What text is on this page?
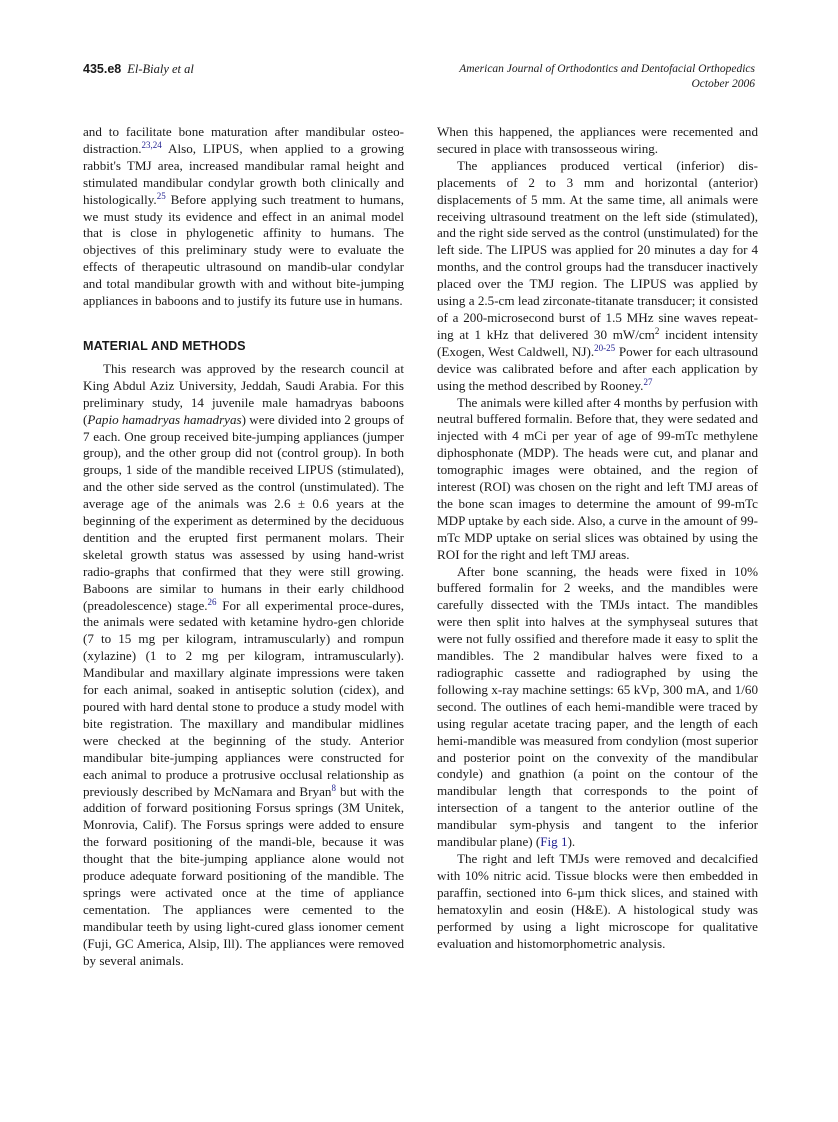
435.e8 El-Bialy et al	American Journal of Orthodontics and Dentofacial Orthopedics
October 2006

and to facilitate bone maturation after mandibular osteo-distraction.$^{23,24}$ Also, LIPUS, when applied to a growing rabbit's TMJ area, increased mandibular ramal height and stimulated mandibular condylar growth both clinically and histologically.$^{25}$ Before applying such treatment to humans, we must study its evidence and effect in an animal model that is close in phylogenetic affinity to humans. The objectives of this preliminary study were to evaluate the effects of therapeutic ultrasound on mandib-ular condylar and total mandibular growth with and without bite-jumping appliances in baboons and to justify its future use in humans.

MATERIAL AND METHODS

This research was approved by the research council at King Abdul Aziz University, Jeddah, Saudi Arabia. For this preliminary study, 14 juvenile male hamadryas baboons (Papio hamadryas hamadryas) were divided into 2 groups of 7 each. One group received bite-jumping appliances (jumper group), and the other group did not (control group). In both groups, 1 side of the mandible received LIPUS (stimulated), and the other side served as the control (unstimulated). The average age of the animals was 2.6 ± 0.6 years at the beginning of the experiment as determined by the deciduous dentition and the erupted first permanent molars. Their skeletal growth status was assessed by using hand-wrist radio-graphs that confirmed that they were still growing. Baboons are similar to humans in their early childhood (preadolescence) stage.$^{26}$ For all experimental proce-dures, the animals were sedated with ketamine hydro-gen chloride (7 to 15 mg per kilogram, intramuscularly) and rompun (xylazine) (1 to 2 mg per kilogram, intramuscularly). Mandibular and maxillary alginate impressions were taken for each animal, soaked in antiseptic solution (cidex), and poured with hard dental stone to produce a study model with bite registration. The maxillary and mandibular midlines were checked at the beginning of the study. Anterior mandibular bite-jumping appliances were constructed for each animal to produce a protrusive occlusal relationship as previously described by McNamara and Bryan$^8$ but with the addition of forward positioning Forsus springs (3M Unitek, Monrovia, Calif). The Forsus springs were added to ensure the forward positioning of the mandi-ble, because it was thought that the bite-jumping appliance alone would not produce adequate forward positioning of the mandible. The springs were activated once at the time of appliance cementation. The appliances were cemented to the mandibular teeth by using light-cured glass ionomer cement (Fuji, GC America, Alsip, Ill). The appliances were removed by several animals.

When this happened, the appliances were recemented and secured in place with transosseous wiring.

The appliances produced vertical (inferior) dis-placements of 2 to 3 mm and horizontal (anterior) displacements of 5 mm. At the same time, all animals were receiving ultrasound treatment on the left side (stimulated), and the right side served as the control (unstimulated) for the left side. The LIPUS was applied for 20 minutes a day for 4 months, and the control groups had the transducer inactively placed over the TMJ region. The LIPUS was applied by using a 2.5-cm lead zirconate-titanate transducer; it consisted of a 200-microsecond burst of 1.5 MHz sine waves repeat-ing at 1 kHz that delivered 30 $mW/cm^2$ incident intensity (Exogen, West Caldwell, NJ).$^{20-25}$ Power for each ultrasound device was calibrated before and after each application by using the method described by Rooney.$^{27}$

The animals were killed after 4 months by perfusion with neutral buffered formalin. Before that, they were sedated and injected with 4 mCi per year of age of 99-mTc methylene diphosphonate (MDP). The heads were cut, and planar and tomographic images were obtained, and the region of interest (ROI) was chosen on the right and left TMJ areas of the bone scan images to determine the amount of 99-mTc MDP uptake by each side. Also, a curve in the amount of 99-mTc MDP uptake on serial slices was obtained by using the ROI for the right and left TMJ areas.

After bone scanning, the heads were fixed in 10% buffered formalin for 2 weeks, and the mandibles were carefully dissected with the TMJs intact. The mandibles were then split into halves at the symphyseal sutures that were not fully ossified and therefore made it easy to split the mandibles. The 2 mandibular halves were fixed to a radiographic cassette and radiographed by using the following x-ray machine settings: 65 kVp, 300 mA, and 1/60 second. The outlines of each hemi-mandible were traced by using regular acetate tracing paper, and the length of each hemi-mandible was measured from condylion (most superior and posterior point on the convexity of the mandibular condyle) and gnathion (a point on the contour of the mandibular length that corresponds to the point of intersection of a tangent to the anterior outline of the mandibular sym-physis and tangent to the inferior mandibular plane) (Fig 1).

The right and left TMJs were removed and decalcified with 10% nitric acid. Tissue blocks were then embedded in paraffin, sectioned into 6-µm thick slices, and stained with hematoxylin and eosin (H&E). A histological study was performed by using a light microscope for qualitative evaluation and histomorphometric analysis.
